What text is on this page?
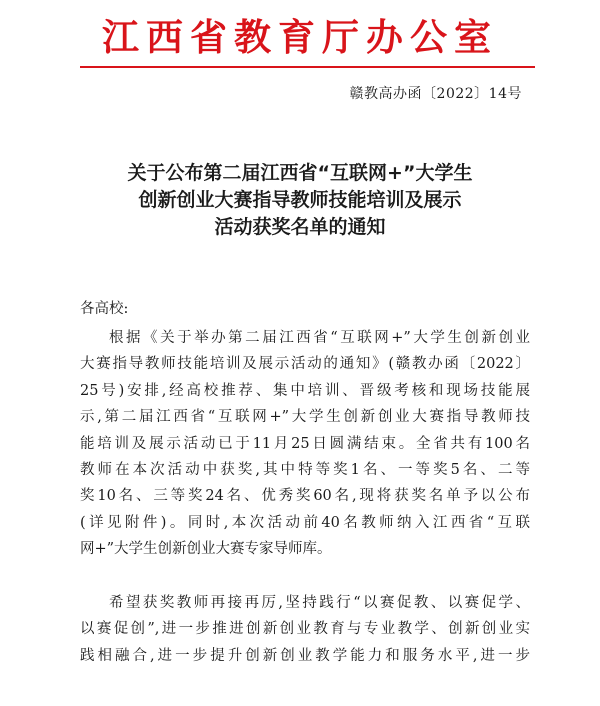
江西省教育厅办公室
赣教高办函〔2022〕14号
关于公布第二届江西省“互联网+”大学生
创新创业大赛指导教师技能培训及展示
活动获奖名单的通知
各高校:
根据《关于举办第二届江西省“互联网+”大学生创新创业
大赛指导教师技能培训及展示活动的通知》(赣教办函〔2022〕
25号)安排,经高校推荐、集中培训、晋级考核和现场技能展
示,第二届江西省“互联网+”大学生创新创业大赛指导教师技
能培训及展示活动已于11月25日圆满结束。全省共有100名
教师在本次活动中获奖,其中特等奖1名、一等奖5名、二等
奖10名、三等奖24名、优秀奖60名,现将获奖名单予以公布
(详见附件)。同时,本次活动前40名教师纳入江西省“互联
网+”大学生创新创业大赛专家导师库。
希望获奖教师再接再厉,坚持践行“以赛促教、以赛促学、
以赛促创”,进一步推进创新创业教育与专业教学、创新创业实
践相融合,进一步提升创新创业教学能力和服务水平,进一步
